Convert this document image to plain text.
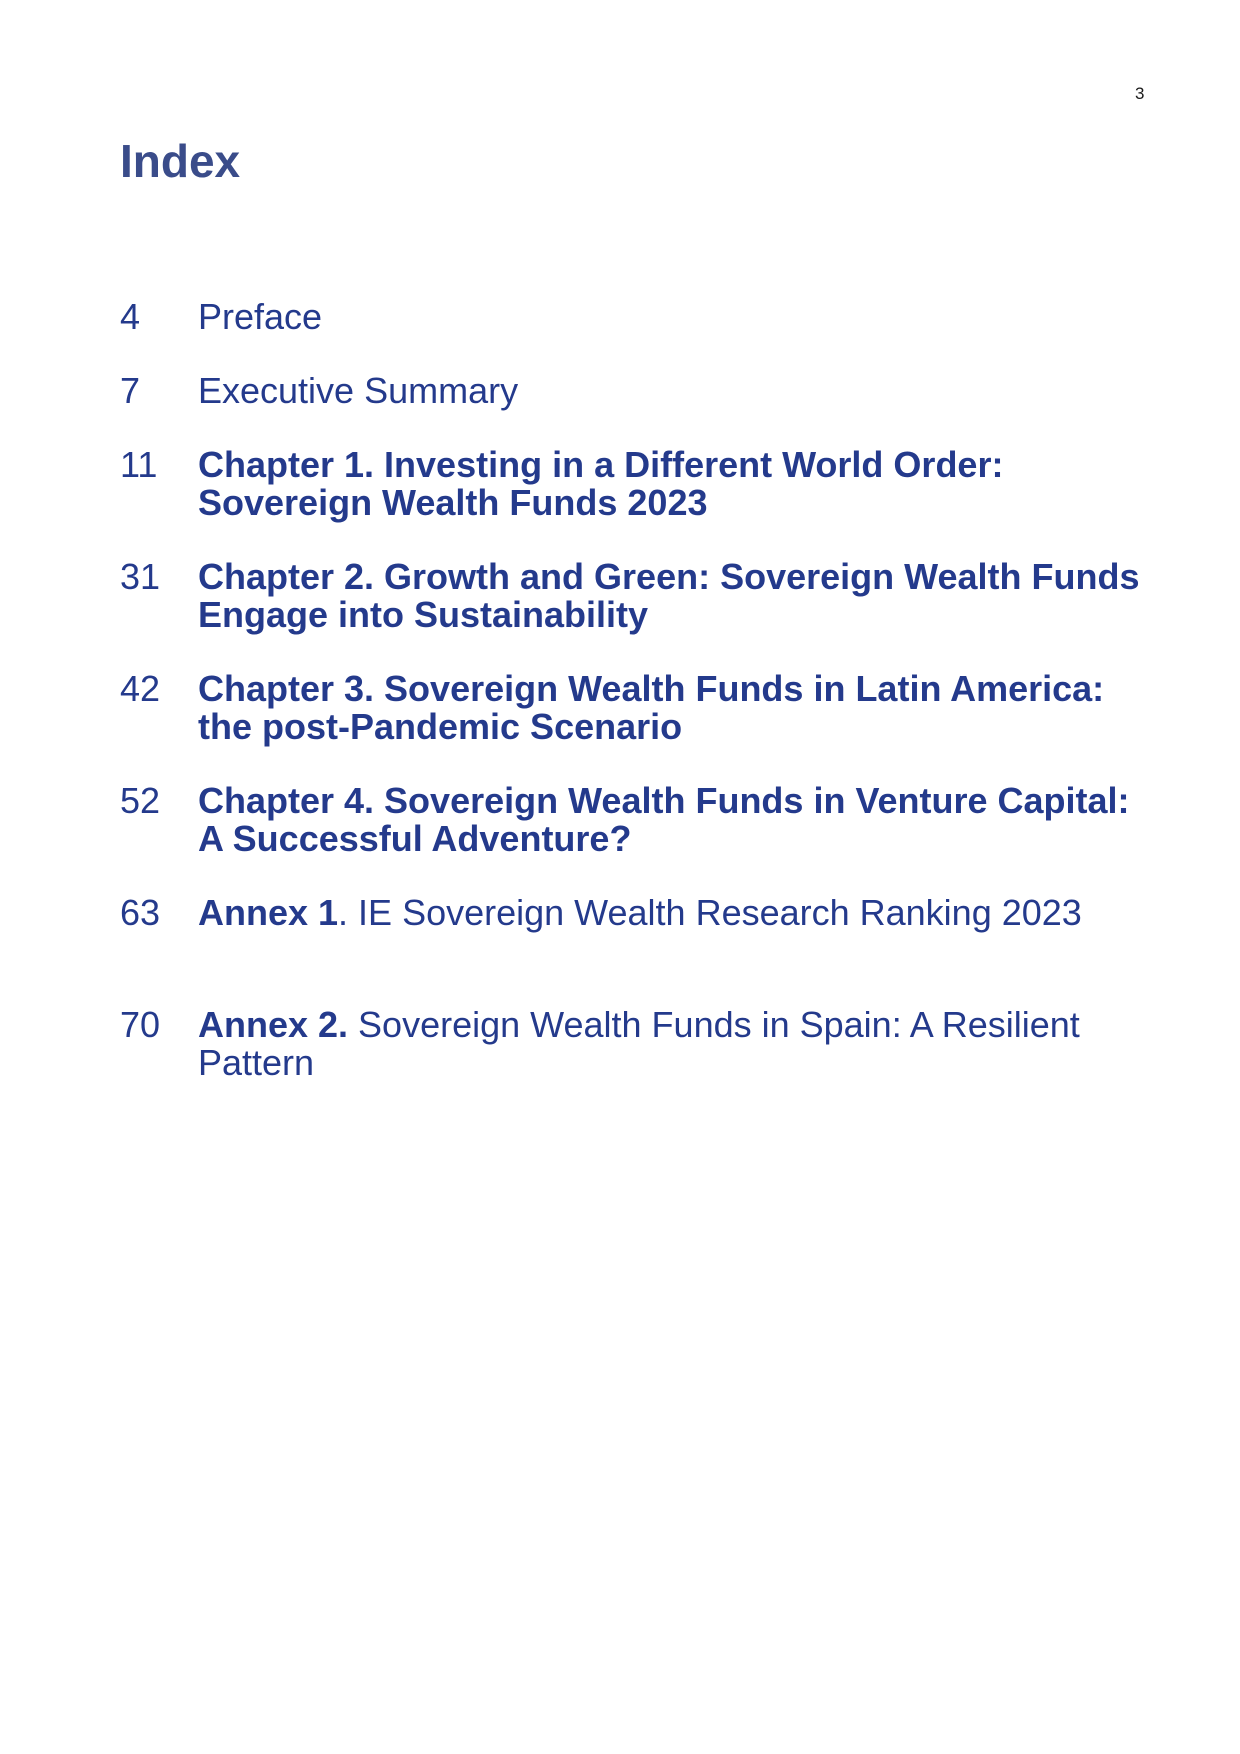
3
Index
4	Preface
7	Executive Summary
11	Chapter 1. Investing in a Different World Order: Sovereign Wealth Funds 2023
31	Chapter 2. Growth and Green: Sovereign Wealth Funds Engage into Sustainability
42	Chapter 3. Sovereign Wealth Funds in Latin America: the post-Pandemic Scenario
52	Chapter 4. Sovereign Wealth Funds in Venture Capital: A Successful Adventure?
63	Annex 1. IE Sovereign Wealth Research Ranking 2023
70	Annex 2. Sovereign Wealth Funds in Spain: A Resilient Pattern
